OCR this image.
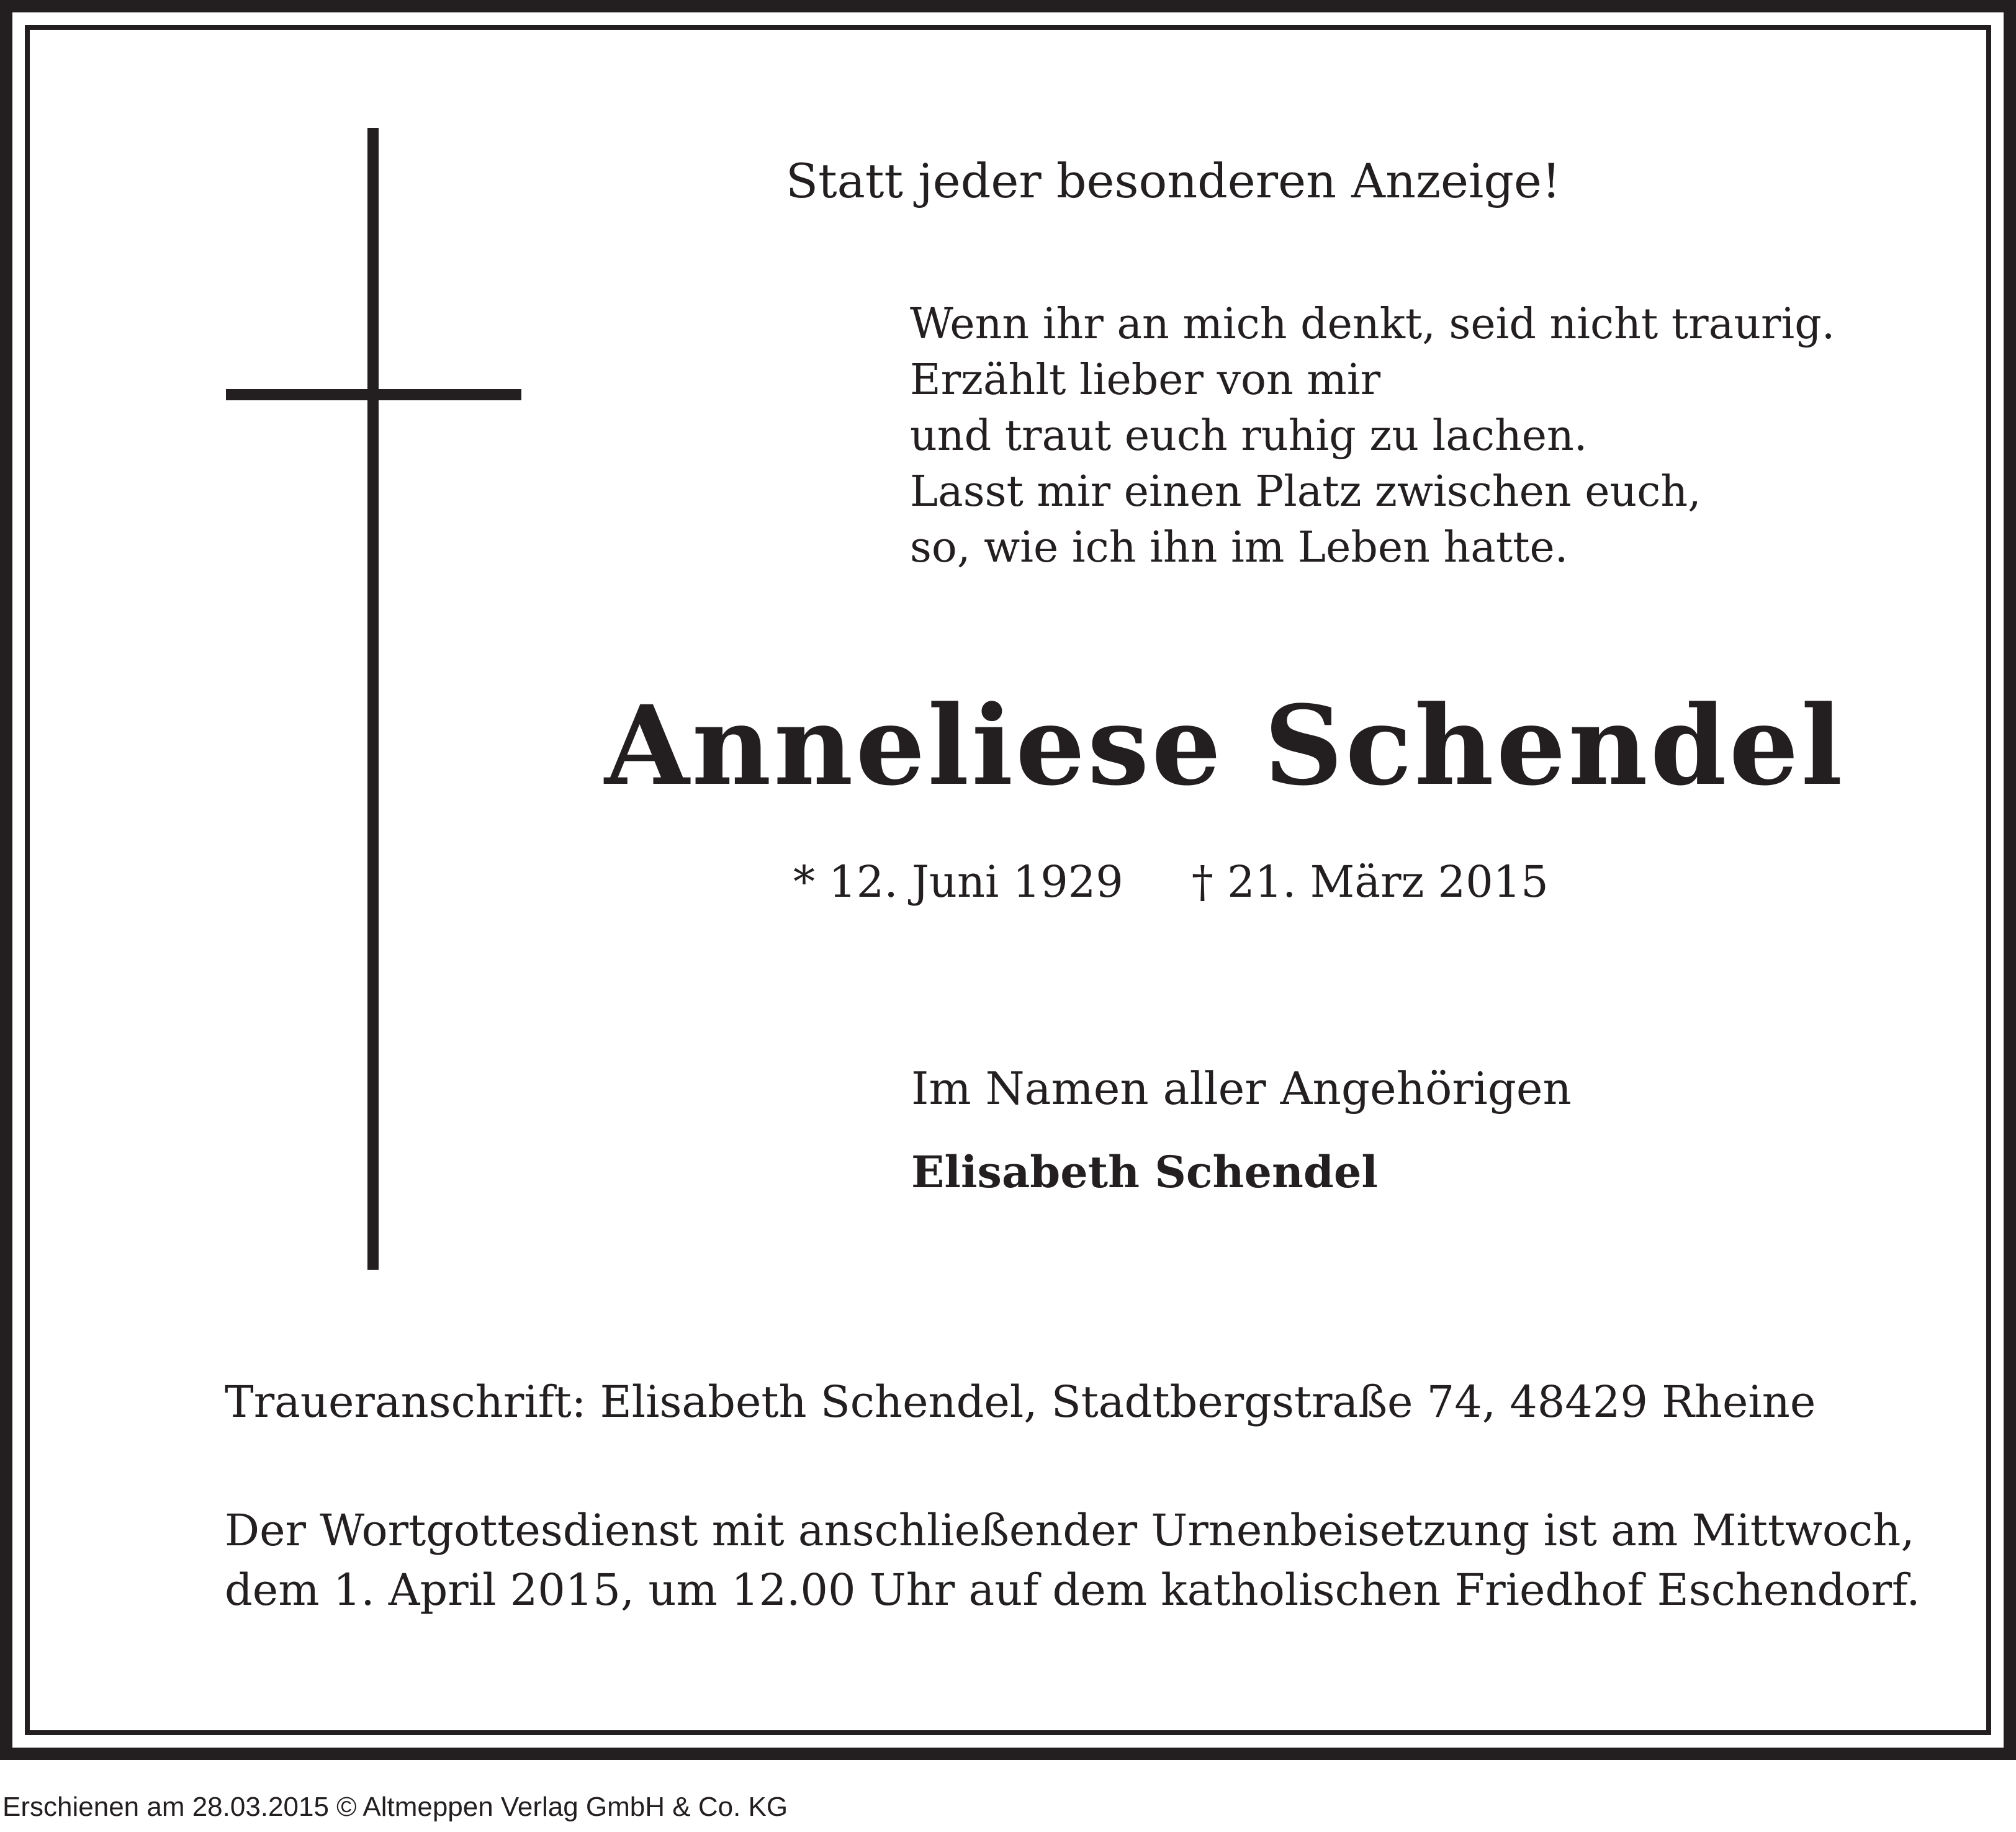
Statt jeder besonderen Anzeige!
Wenn ihr an mich denkt, seid nicht traurig.
Erzählt lieber von mir
und traut euch ruhig zu lachen.
Lasst mir einen Platz zwischen euch,
so, wie ich ihn im Leben hatte.
Anneliese Schendel
* 12. Juni 1929 † 21. März 2015
Im Namen aller Angehörigen
Elisabeth Schendel
Traueranschrift: Elisabeth Schendel, Stadtbergstraße 74, 48429 Rheine
Der Wortgottesdienst mit anschließender Urnenbeisetzung ist am Mittwoch,
dem 1. April 2015, um 12.00 Uhr auf dem katholischen Friedhof Eschendorf.
Erschienen am 28.03.2015 © Altmeppen Verlag GmbH & Co. KG
